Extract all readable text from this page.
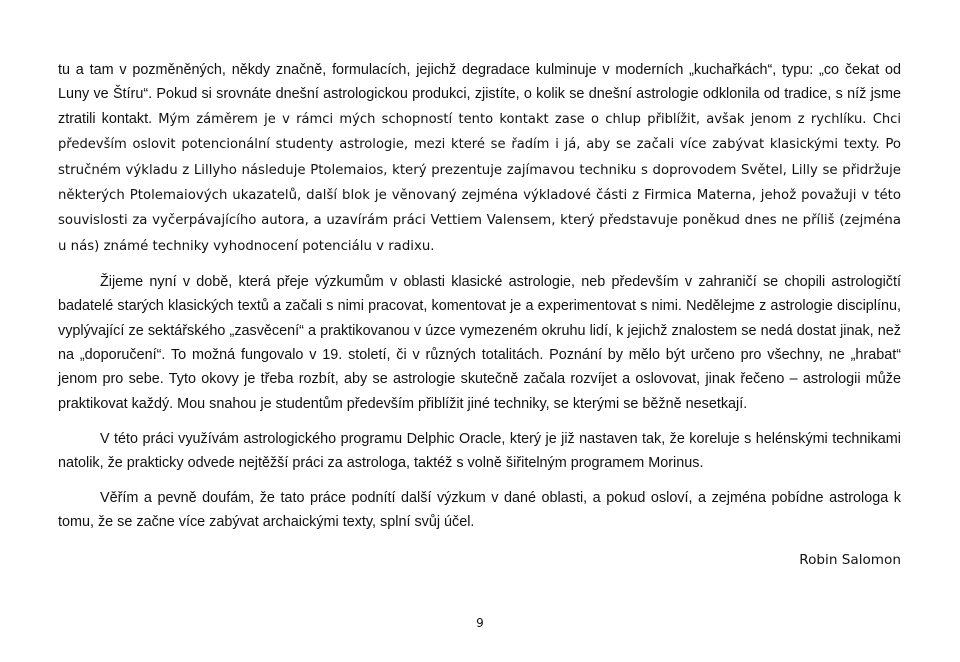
tu a tam v pozměněných, někdy značně, formulacích, jejichž degradace kulminuje v moderních „kuchařkách“, typu: „co čekat od Luny ve Štíru“. Pokud si srovnáte dnešní astrologickou produkci, zjistíte, o kolik se dnešní astrologie odklonila od tradice, s níž jsme ztratili kontakt. Mým záměrem je v rámci mých schopností tento kontakt zase o chlup přiblížit, avšak jenom z rychlíku. Chci především oslovit potencionální studenty astrologie, mezi které se řadím i já, aby se začali více zabývat klasickými texty. Po stručném výkladu z Lillyho následuje Ptolemaios, který prezentuje zajímavou techniku s doprovodem Světel, Lilly se přidržuje některých Ptolemaiových ukazatelů, další blok je věnovaný zejména výkladové části z Firmica Materna, jehož považuji v této souvislosti za vyčerpávajícího autora, a uzavírám práci Vettiem Valensem, který představuje poněkud dnes ne příliš (zejména u nás) známé techniky vyhodnocení potenciálu v radixu.

Žijeme nyní v době, která přeje výzkumům v oblasti klasické astrologie, neb především v zahraničí se chopili astrologičtí badatelé starých klasických textů a začali s nimi pracovat, komentovat je a experimentovat s nimi. Nedělejme z astrologie disciplínu, vyplývající ze sektářského „zasvěcení“ a praktikovanou v úzce vymezeném okruhu lidí, k jejichž znalostem se nedá dostat jinak, než na „doporučení“. To možná fungovalo v 19. století, či v různých totalitách. Poznání by mělo být určeno pro všechny, ne „hrabat“ jenom pro sebe. Tyto okovy je třeba rozbít, aby se astrologie skutečně začala rozvíjet a oslovovat, jinak řečeno – astrologii může praktikovat každý. Mou snahou je studentům především přiblížit jiné techniky, se kterými se běžně nesetkají.

V této práci využívám astrologického programu Delphic Oracle, který je již nastaven tak, že koreluje s helénskými technikami natolik, že prakticky odvede nejtěžší práci za astrologa, taktéž s volně šiřitelným programem Morinus.

Věřím a pevně doufám, že tato práce podnítí další výzkum v dané oblasti, a pokud osloví, a zejména pobídne astrologa k tomu, že se začne více zabývat archaickými texty, splní svůj účel.

Robin Salomon

9
